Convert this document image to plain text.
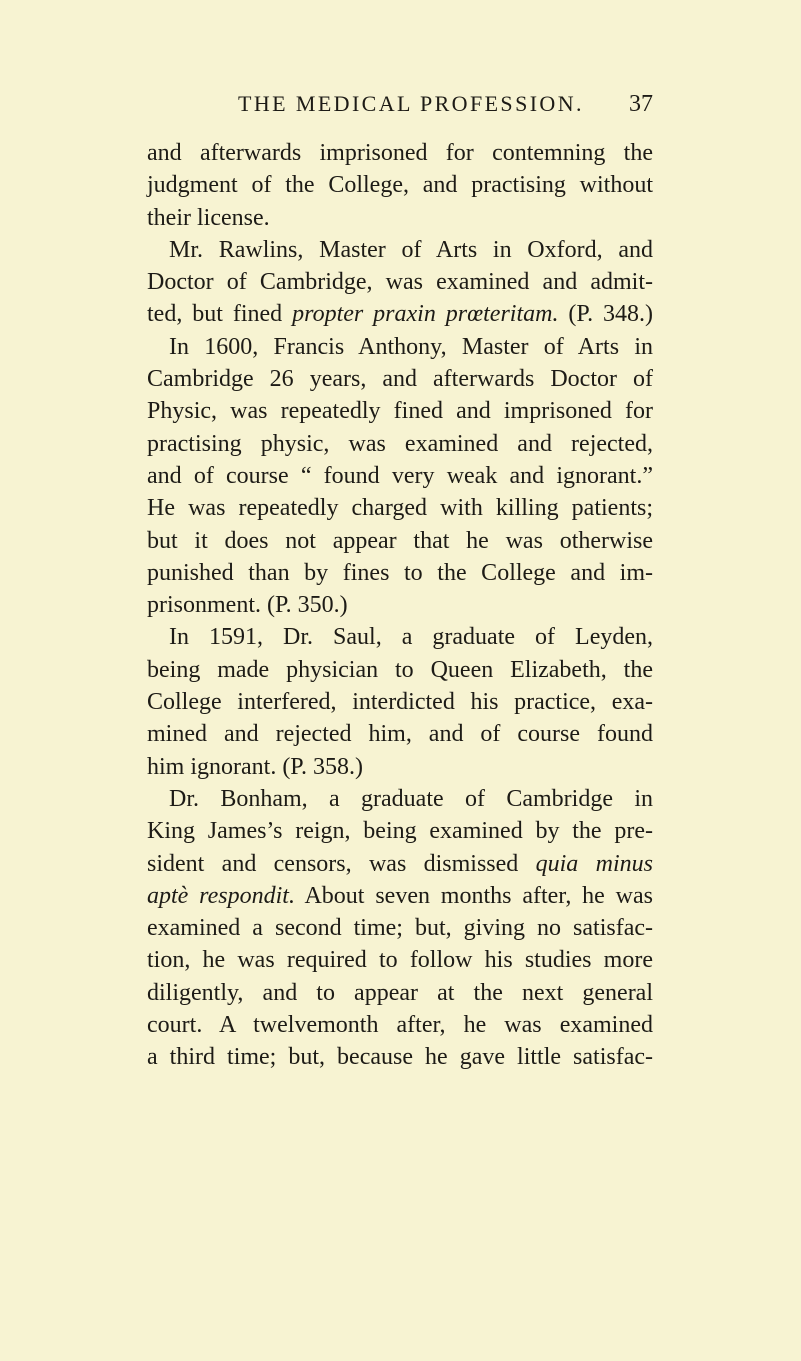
THE MEDICAL PROFESSION.	37
and afterwards imprisoned for contemning the
judgment of the College, and practising without
their license.
Mr. Rawlins, Master of Arts in Oxford, and
Doctor of Cambridge, was examined and admit-
ted, but fined propter praxin prœteritam. (P. 348.)
In 1600, Francis Anthony, Master of Arts in
Cambridge 26 years, and afterwards Doctor of
Physic, was repeatedly fined and imprisoned for
practising physic, was examined and rejected,
and of course “ found very weak and ignorant.”
He was repeatedly charged with killing patients;
but it does not appear that he was otherwise
punished than by fines to the College and im-
prisonment. (P. 350.)
In 1591, Dr. Saul, a graduate of Leyden,
being made physician to Queen Elizabeth, the
College interfered, interdicted his practice, exa-
mined and rejected him, and of course found
him ignorant. (P. 358.)
Dr. Bonham, a graduate of Cambridge in
King James’s reign, being examined by the pre-
sident and censors, was dismissed quia minus
aptè respondit. About seven months after, he was
examined a second time; but, giving no satisfac-
tion, he was required to follow his studies more
diligently, and to appear at the next general
court. A twelvemonth after, he was examined
a third time; but, because he gave little satisfac-
